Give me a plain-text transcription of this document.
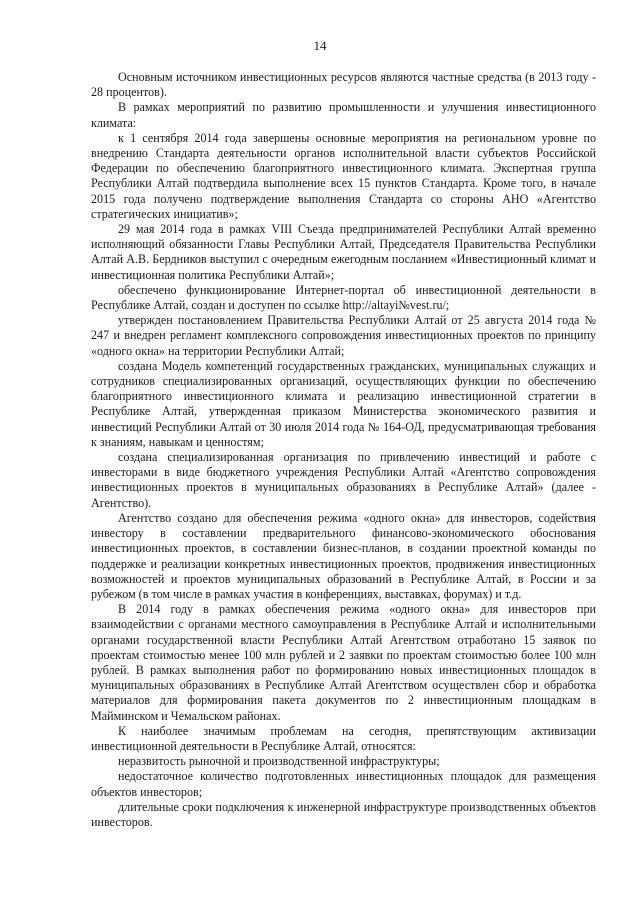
14

Основным источником инвестиционных ресурсов являются частные средства (в 2013 году - 28 процентов).

В рамках мероприятий по развитию промышленности и улучшения инвестиционного климата:

к 1 сентября 2014 года завершены основные мероприятия на региональном уровне по внедрению Стандарта деятельности органов исполнительной власти субъектов Российской Федерации по обеспечению благоприятного инвестиционного климата. Экспертная группа Республики Алтай подтвердила выполнение всех 15 пунктов Стандарта. Кроме того, в начале 2015 года получено подтверждение выполнения Стандарта со стороны АНО «Агентство стратегических инициатив»;

29 мая 2014 года в рамках VIII Съезда предпринимателей Республики Алтай временно исполняющий обязанности Главы Республики Алтай, Председателя Правительства Республики Алтай А.В. Бердников выступил с очередным ежегодным посланием «Инвестиционный климат и инвестиционная политика Республики Алтай»;

обеспечено функционирование Интернет-портал об инвестиционной деятельности в Республике Алтай, создан и доступен по ссылке http://altayi№vest.ru/;

утвержден постановлением Правительства Республики Алтай от 25 августа 2014 года № 247 и внедрен регламент комплексного сопровождения инвестиционных проектов по принципу «одного окна» на территории Республики Алтай;

создана Модель компетенций государственных гражданских, муниципальных служащих и сотрудников специализированных организаций, осуществляющих функции по обеспечению благоприятного инвестиционного климата и реализацию инвестиционной стратегии в Республике Алтай, утвержденная приказом Министерства экономического развития и инвестиций Республики Алтай от 30 июля 2014 года № 164-ОД, предусматривающая требования к знаниям, навыкам и ценностям;

создана специализированная организация по привлечению инвестиций и работе с инвесторами в виде бюджетного учреждения Республики Алтай «Агентство сопровождения инвестиционных проектов в муниципальных образованиях в Республике Алтай» (далее - Агентство).

Агентство создано для обеспечения режима «одного окна» для инвесторов, содействия инвестору в составлении предварительного финансово-экономического обоснования инвестиционных проектов, в составлении бизнес-планов, в создании проектной команды по поддержке и реализации конкретных инвестиционных проектов, продвижения инвестиционных возможностей и проектов муниципальных образований в Республике Алтай, в России и за рубежом (в том числе в рамках участия в конференциях, выставках, форумах) и т.д.

В 2014 году в рамках обеспечения режима «одного окна» для инвесторов при взаимодействии с органами местного самоуправления в Республике Алтай и исполнительными органами государственной власти Республики Алтай Агентством отработано 15 заявок по проектам стоимостью менее 100 млн рублей и 2 заявки по проектам стоимостью более 100 млн рублей. В рамках выполнения работ по формированию новых инвестиционных площадок в муниципальных образованиях в Республике Алтай Агентством осуществлен сбор и обработка материалов для формирования пакета документов по 2 инвестиционным площадкам в Майминском и Чемальском районах.

К наиболее значимым проблемам на сегодня, препятствующим активизации инвестиционной деятельности в Республике Алтай, относятся:

неразвитость рыночной и производственной инфраструктуры;

недостаточное количество подготовленных инвестиционных площадок для размещения объектов инвесторов;

длительные сроки подключения к инженерной инфраструктуре производственных объектов инвесторов.
